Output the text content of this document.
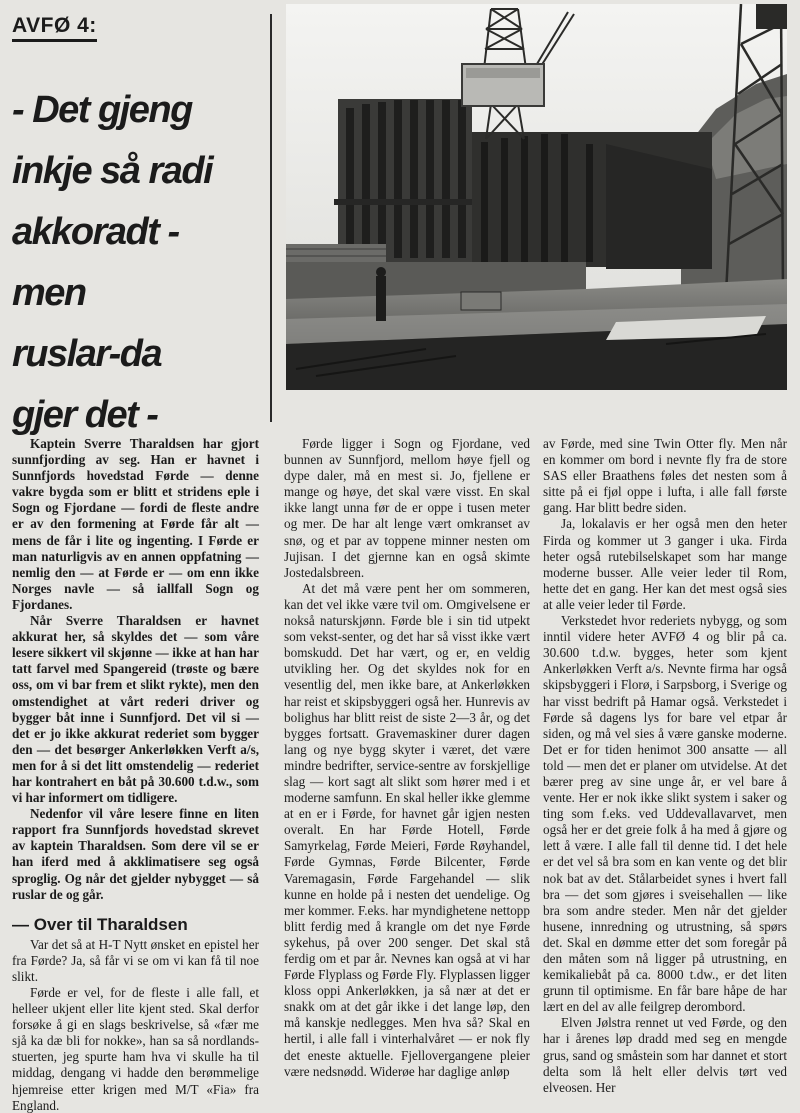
AVFØ 4:
- Det gjeng
inkje så radi
akkoradt -
men
ruslar-da
gjer det -

Kaptein Sverre Tharaldsen har gjort sunnfjording av seg. Han er havnet i Sunnfjords hovedstad Førde — denne vakre bygda som er blitt et stridens eple i Sogn og Fjordane — fordi de fleste andre er av den formening at Førde får alt — mens de får i lite og ingenting. I Førde er man naturligvis av en annen oppfatning — nemlig den — at Førde er — om enn ikke Norges navle — så iallfall Sogn og Fjordanes.

Når Sverre Tharaldsen er havnet akkurat her, så skyldes det — som våre lesere sikkert vil skjønne — ikke at han har tatt farvel med Spangereid (trøste og bære oss, om vi bar frem et slikt rykte), men den omstendighet at vårt rederi driver og bygger båt inne i Sunnfjord. Det vil si — det er jo ikke akkurat rederiet som bygger den — det besørger Ankerløkken Verft a/s, men for å si det litt omstendelig — rederiet har kontrahert en båt på 30.600 t.d.w., som vi har informert om tidligere.

Nedenfor vil våre lesere finne en liten rapport fra Sunnfjords hovedstad skrevet av kaptein Tharaldsen. Som dere vil se er han iferd med å akklimatisere seg også sproglig. Og når det gjelder nybygget — så ruslar de og går.

— Over til Tharaldsen

Var det så at H-T Nytt ønsket en epistel her fra Førde? Ja, så får vi se om vi kan få til noe slikt.

Førde er vel, for de fleste i alle fall, et helleer ukjent eller lite kjent sted. Skal derfor forsøke å gi en slags beskrivelse, så «fær me sjå ka dæ bli for nokke», han sa så nordlands-stuerten, jeg spurte ham hva vi skulle ha til middag, dengang vi hadde den berømmelige hjemreise etter krigen med M/T «Fia» fra England.

Førde ligger i Sogn og Fjordane, ved bunnen av Sunnfjord, mellom høye fjell og dype daler, må en mest si. Jo, fjellene er mange og høye, det skal være visst. En skal ikke langt unna før de er oppe i tusen meter og mer. De har alt lenge vært omkranset av snø, og et par av toppene minner nesten om Jujisan. I det gjernne kan en også skimte Jostedalsbreen.

At det må være pent her om sommeren, kan det vel ikke være tvil om. Omgivelsene er nokså naturskjønn. Førde ble i sin tid utpekt som vekst-senter, og det har så visst ikke vært bomskudd. Det har vært, og er, en veldig utvikling her. Og det skyldes nok for en vesentlig del, men ikke bare, at Ankerløkken har reist et skipsbyggeri også her. Hunrevis av bolighus har blitt reist de siste 2—3 år, og det bygges fortsatt. Gravemaskiner durer dagen lang og nye bygg skyter i været, det være mindre bedrifter, service-sentre av forskjellige slag — kort sagt alt slikt som hører med i et moderne samfunn. En skal heller ikke glemme at en er i Førde, for havnet går igjen nesten overalt. En har Førde Hotell, Førde Samyrkelag, Førde Meieri, Førde Røyhandel, Førde Gymnas, Førde Bilcenter, Førde Varemagasin, Førde Fargehandel — slik kunne en holde på i nesten det uendelige. Og mer kommer. F.eks. har myndighetene nettopp blitt ferdig med å krangle om det nye Førde sykehus, på over 200 senger. Det skal stå ferdig om et par år. Nevnes kan også at vi har Førde Flyplass og Førde Fly. Flyplassen ligger kloss oppi Ankerløkken, ja så nær at det er snakk om at det går ikke i det lange løp, den må kanskje nedlegges. Men hva så? Skal en hertil, i alle fall i vinterhalvåret — er nok fly det eneste aktuelle. Fjellovergangene pleier være nedsnødd. Widerøe har daglige anløp

av Førde, med sine Twin Otter fly. Men når en kommer om bord i nevnte fly fra de store SAS eller Braathens føles det nesten som å sitte på ei fjøl oppe i lufta, i alle fall første gang. Har blitt bedre siden.

Ja, lokalavis er her også men den heter Firda og kommer ut 3 ganger i uka. Firda heter også rutebilselskapet som har mange moderne busser. Alle veier leder til Rom, hette det en gang. Her kan det mest også sies at alle veier leder til Førde.

Verkstedet hvor rederiets nybygg, og som inntil videre heter AVFØ 4 og blir på ca. 30.600 t.d.w. bygges, heter som kjent Ankerløkken Verft a/s. Nevnte firma har også skipsbyggeri i Florø, i Sarpsborg, i Sverige og har visst bedrift på Hamar også. Verkstedet i Førde så dagens lys for bare vel etpar år siden, og må vel sies å være ganske moderne. Det er for tiden henimot 300 ansatte — all told — men det er planer om utvidelse. At det bærer preg av sine unge år, er vel bare å vente. Her er nok ikke slikt system i saker og ting som f.eks. ved Uddevallavarvet, men også her er det greie folk å ha med å gjøre og lett å være. I alle fall til denne tid. I det hele er det vel så bra som en kan vente og det blir nok bat av det. Stålarbeidet synes i hvert fall bra — det som gjøres i sveisehallen — like bra som andre steder. Men når det gjelder husene, innredning og utrustning, så spørs det. Skal en dømme etter det som foregår på den måten som nå ligger på utrustning, en kemikaliebåt på ca. 8000 t.dw., er det liten grunn til optimisme. En får bare håpe de har lært en del av alle feilgrep derombord.

Elven Jølstra rennet ut ved Førde, og den har i årenes løp dradd med seg en mengde grus, sand og småstein som har dannet et stort delta som lå helt eller delvis tørt ved elveosen. Her
